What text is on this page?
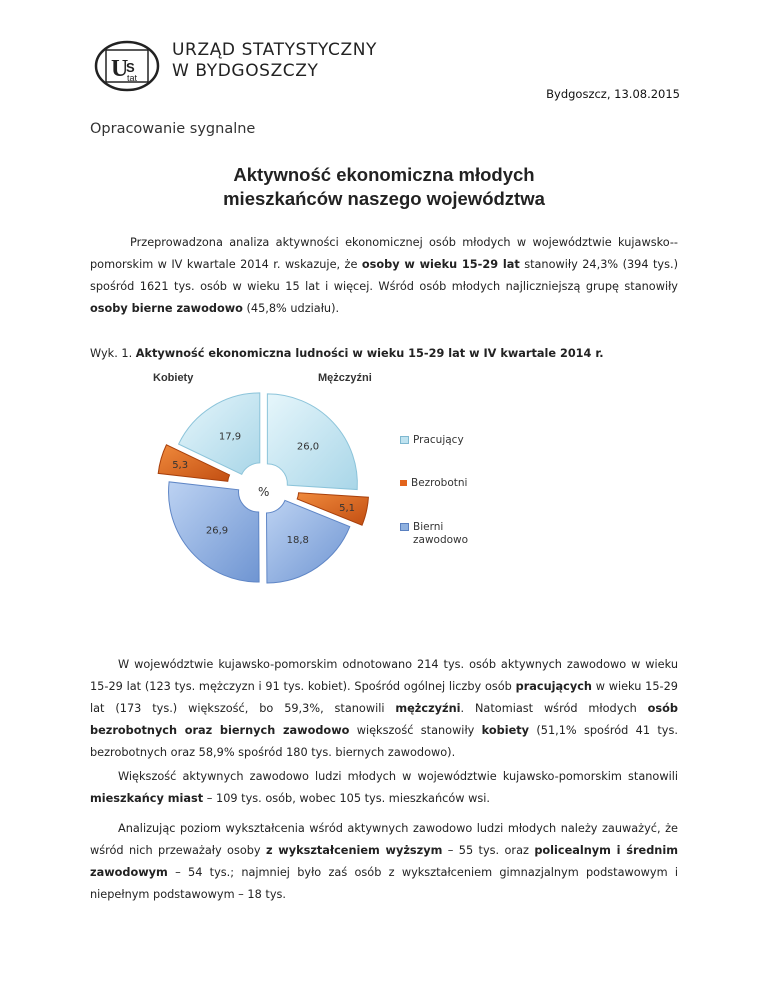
U
S
tat
URZĄD STATYSTYCZNY
W BYDGOSZCZY
Bydgoszcz, 13.08.2015
Opracowanie sygnalne
Aktywność ekonomiczna młodych
mieszkańców naszego województwa
Przeprowadzona analiza aktywności ekonomicznej osób młodych w województwie kujawsko--pomorskim w IV kwartale 2014 r. wskazuje, że osoby w wieku 15-29 lat stanowiły 24,3% (394 tys.) spośród 1621 tys. osób w wieku 15 lat i więcej. Wśród osób młodych najliczniejszą grupę stanowiły osoby bierne zawodowo (45,8% udziału).
Wyk. 1. Aktywność ekonomiczna ludności w wieku 15-29 lat w IV kwartale 2014 r.
26,0
5,1
18,8
26,9
5,3
17,9
Kobiety	Mężczyźni
%
Pracujący
Bezrobotni
Bierni zawodowo
W województwie kujawsko-pomorskim odnotowano 214 tys. osób aktywnych zawodowo w wieku 15-29 lat (123 tys. mężczyzn i 91 tys. kobiet). Spośród ogólnej liczby osób pracujących w wieku 15-29 lat (173 tys.) większość, bo 59,3%, stanowili mężczyźni. Natomiast wśród młodych osób bezrobotnych oraz biernych zawodowo większość stanowiły kobiety (51,1% spośród 41 tys. bezrobotnych oraz 58,9% spośród 180 tys. biernych zawodowo).
Większość aktywnych zawodowo ludzi młodych w województwie kujawsko-pomorskim stanowili mieszkańcy miast – 109 tys. osób, wobec 105 tys. mieszkańców wsi.
Analizując poziom wykształcenia wśród aktywnych zawodowo ludzi młodych należy zauważyć, że wśród nich przeważały osoby z wykształceniem wyższym – 55 tys. oraz policealnym i średnim zawodowym – 54 tys.; najmniej było zaś osób z wykształceniem gimnazjalnym podstawowym i niepełnym podstawowym – 18 tys.
